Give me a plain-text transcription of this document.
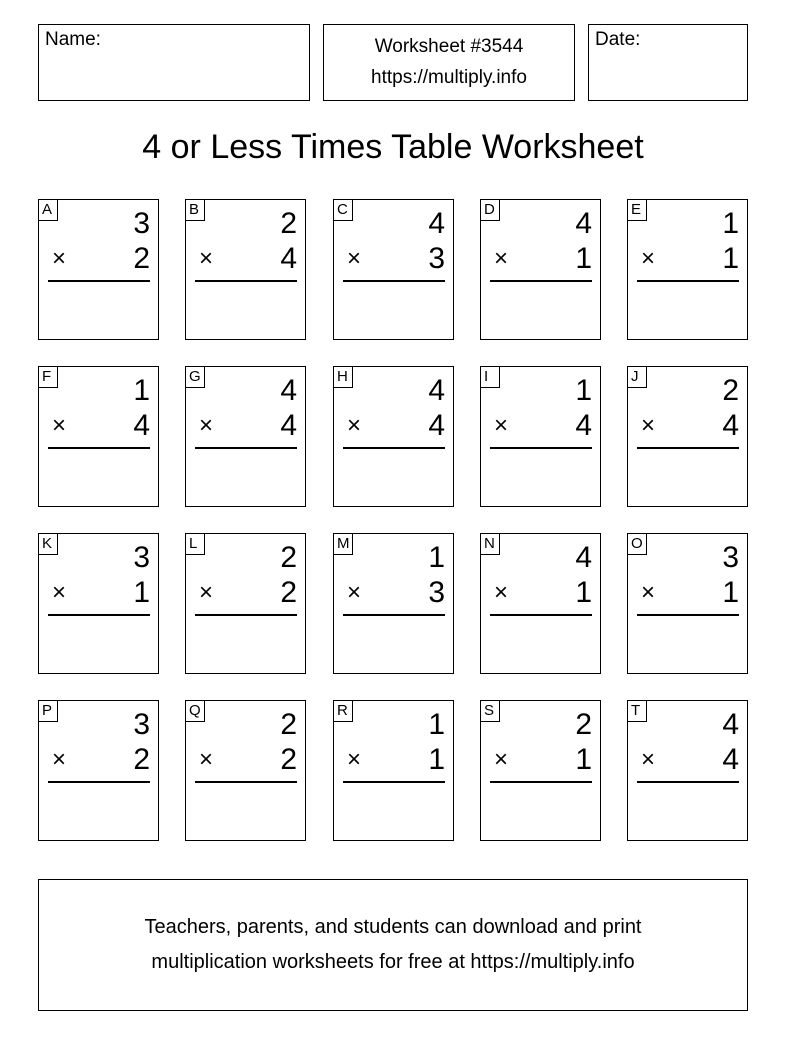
Name:	Worksheet #3544
https://multiply.info
Date:
4 or Less Times Table Worksheet
A	3
× 2
B	2
× 4
C	4
× 3
D	4
× 1
E	1
× 1
F	1
× 4
G	4
× 4
H	4
× 4
I	1
× 4
J	2
× 4
K	3
× 1
L	2
× 2
M	1
× 3
N	4
× 1
O	3
× 1
P	3
× 2
Q	2
× 2
R	1
× 1
S	2
× 1
T	4
× 4
Teachers, parents, and students can download and print
multiplication worksheets for free at https://multiply.info
